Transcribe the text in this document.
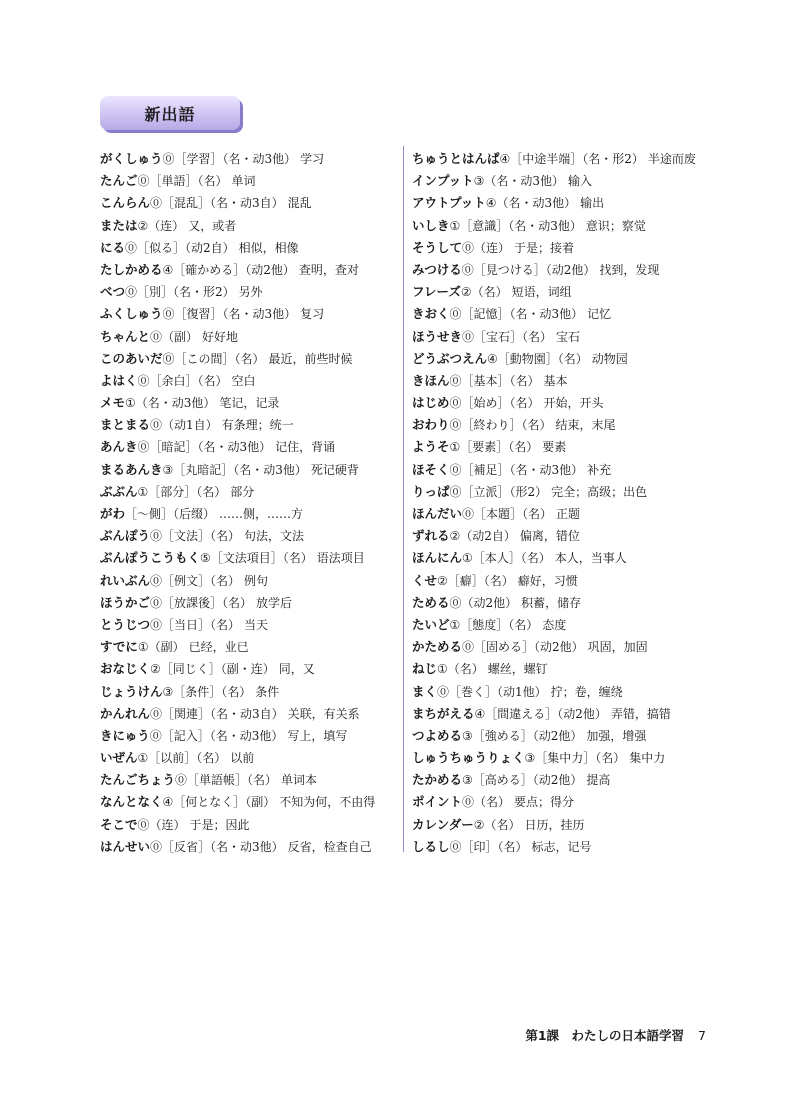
新出語
がくしゅう⓪［学習］（名・动3他） 学习
たんご⓪［単語］（名） 单词
こんらん⓪［混乱］（名・动3自） 混乱
または②（连） 又，或者
にる⓪［似る］（动2自） 相似，相像
たしかめる④［確かめる］（动2他） 查明，查对
べつ⓪［別］（名・形2） 另外
ふくしゅう⓪［復習］（名・动3他） 复习
ちゃんと⓪（副） 好好地
このあいだ⓪［この間］（名） 最近，前些时候
よはく⓪［余白］（名） 空白
メモ①（名・动3他） 笔记，记录
まとまる⓪（动1自） 有条理；统一
あんき⓪［暗記］（名・动3他） 记住，背诵
まるあんき③［丸暗記］（名・动3他） 死记硬背
ぶぶん①［部分］（名） 部分
がわ［～側］（后缀） ……侧，……方
ぶんぽう⓪［文法］（名） 句法，文法
ぶんぽうこうもく⑤［文法項目］（名） 语法项目
れいぶん⓪［例文］（名） 例句
ほうかご⓪［放課後］（名） 放学后
とうじつ⓪［当日］（名） 当天
すでに①（副） 已经，业已
おなじく②［同じく］（副・连） 同，又
じょうけん③［条件］（名） 条件
かんれん⓪［関連］（名・动3自） 关联，有关系
きにゅう⓪［記入］（名・动3他） 写上，填写
いぜん①［以前］（名） 以前
たんごちょう⓪［単語帳］（名） 单词本
なんとなく④［何となく］（副） 不知为何，不由得
そこで⓪（连） 于是；因此
はんせい⓪［反省］（名・动3他） 反省，检查自己
ちゅうとはんぱ④［中途半端］（名・形2） 半途而废
インプット③（名・动3他） 输入
アウトプット④（名・动3他） 输出
いしき①［意識］（名・动3他） 意识；察觉
そうして⓪（连） 于是；接着
みつける⓪［見つける］（动2他） 找到，发现
フレーズ②（名） 短语，词组
きおく⓪［記憶］（名・动3他） 记忆
ほうせき⓪［宝石］（名） 宝石
どうぶつえん④［動物園］（名） 动物园
きほん⓪［基本］（名） 基本
はじめ⓪［始め］（名） 开始，开头
おわり⓪［終わり］（名） 结束，末尾
ようそ①［要素］（名） 要素
ほそく⓪［補足］（名・动3他） 补充
りっぱ⓪［立派］（形2） 完全；高级；出色
ほんだい⓪［本題］（名） 正题
ずれる②（动2自） 偏离，错位
ほんにん①［本人］（名） 本人，当事人
くせ②［癖］（名） 癖好，习惯
ためる⓪（动2他） 积蓄，储存
たいど①［態度］（名） 态度
かためる⓪［固める］（动2他） 巩固，加固
ねじ①（名） 螺丝，螺钉
まく⓪［巻く］（动1他） 拧；卷，缠绕
まちがえる④［間違える］（动2他） 弄错，搞错
つよめる③［強める］（动2他） 加强，增强
しゅうちゅうりょく③［集中力］（名） 集中力
たかめる③［高める］（动2他） 提高
ポイント⓪（名） 要点；得分
カレンダー②（名） 日历，挂历
しるし⓪［印］（名） 标志，记号
第1課　わたしの日本語学習 7
